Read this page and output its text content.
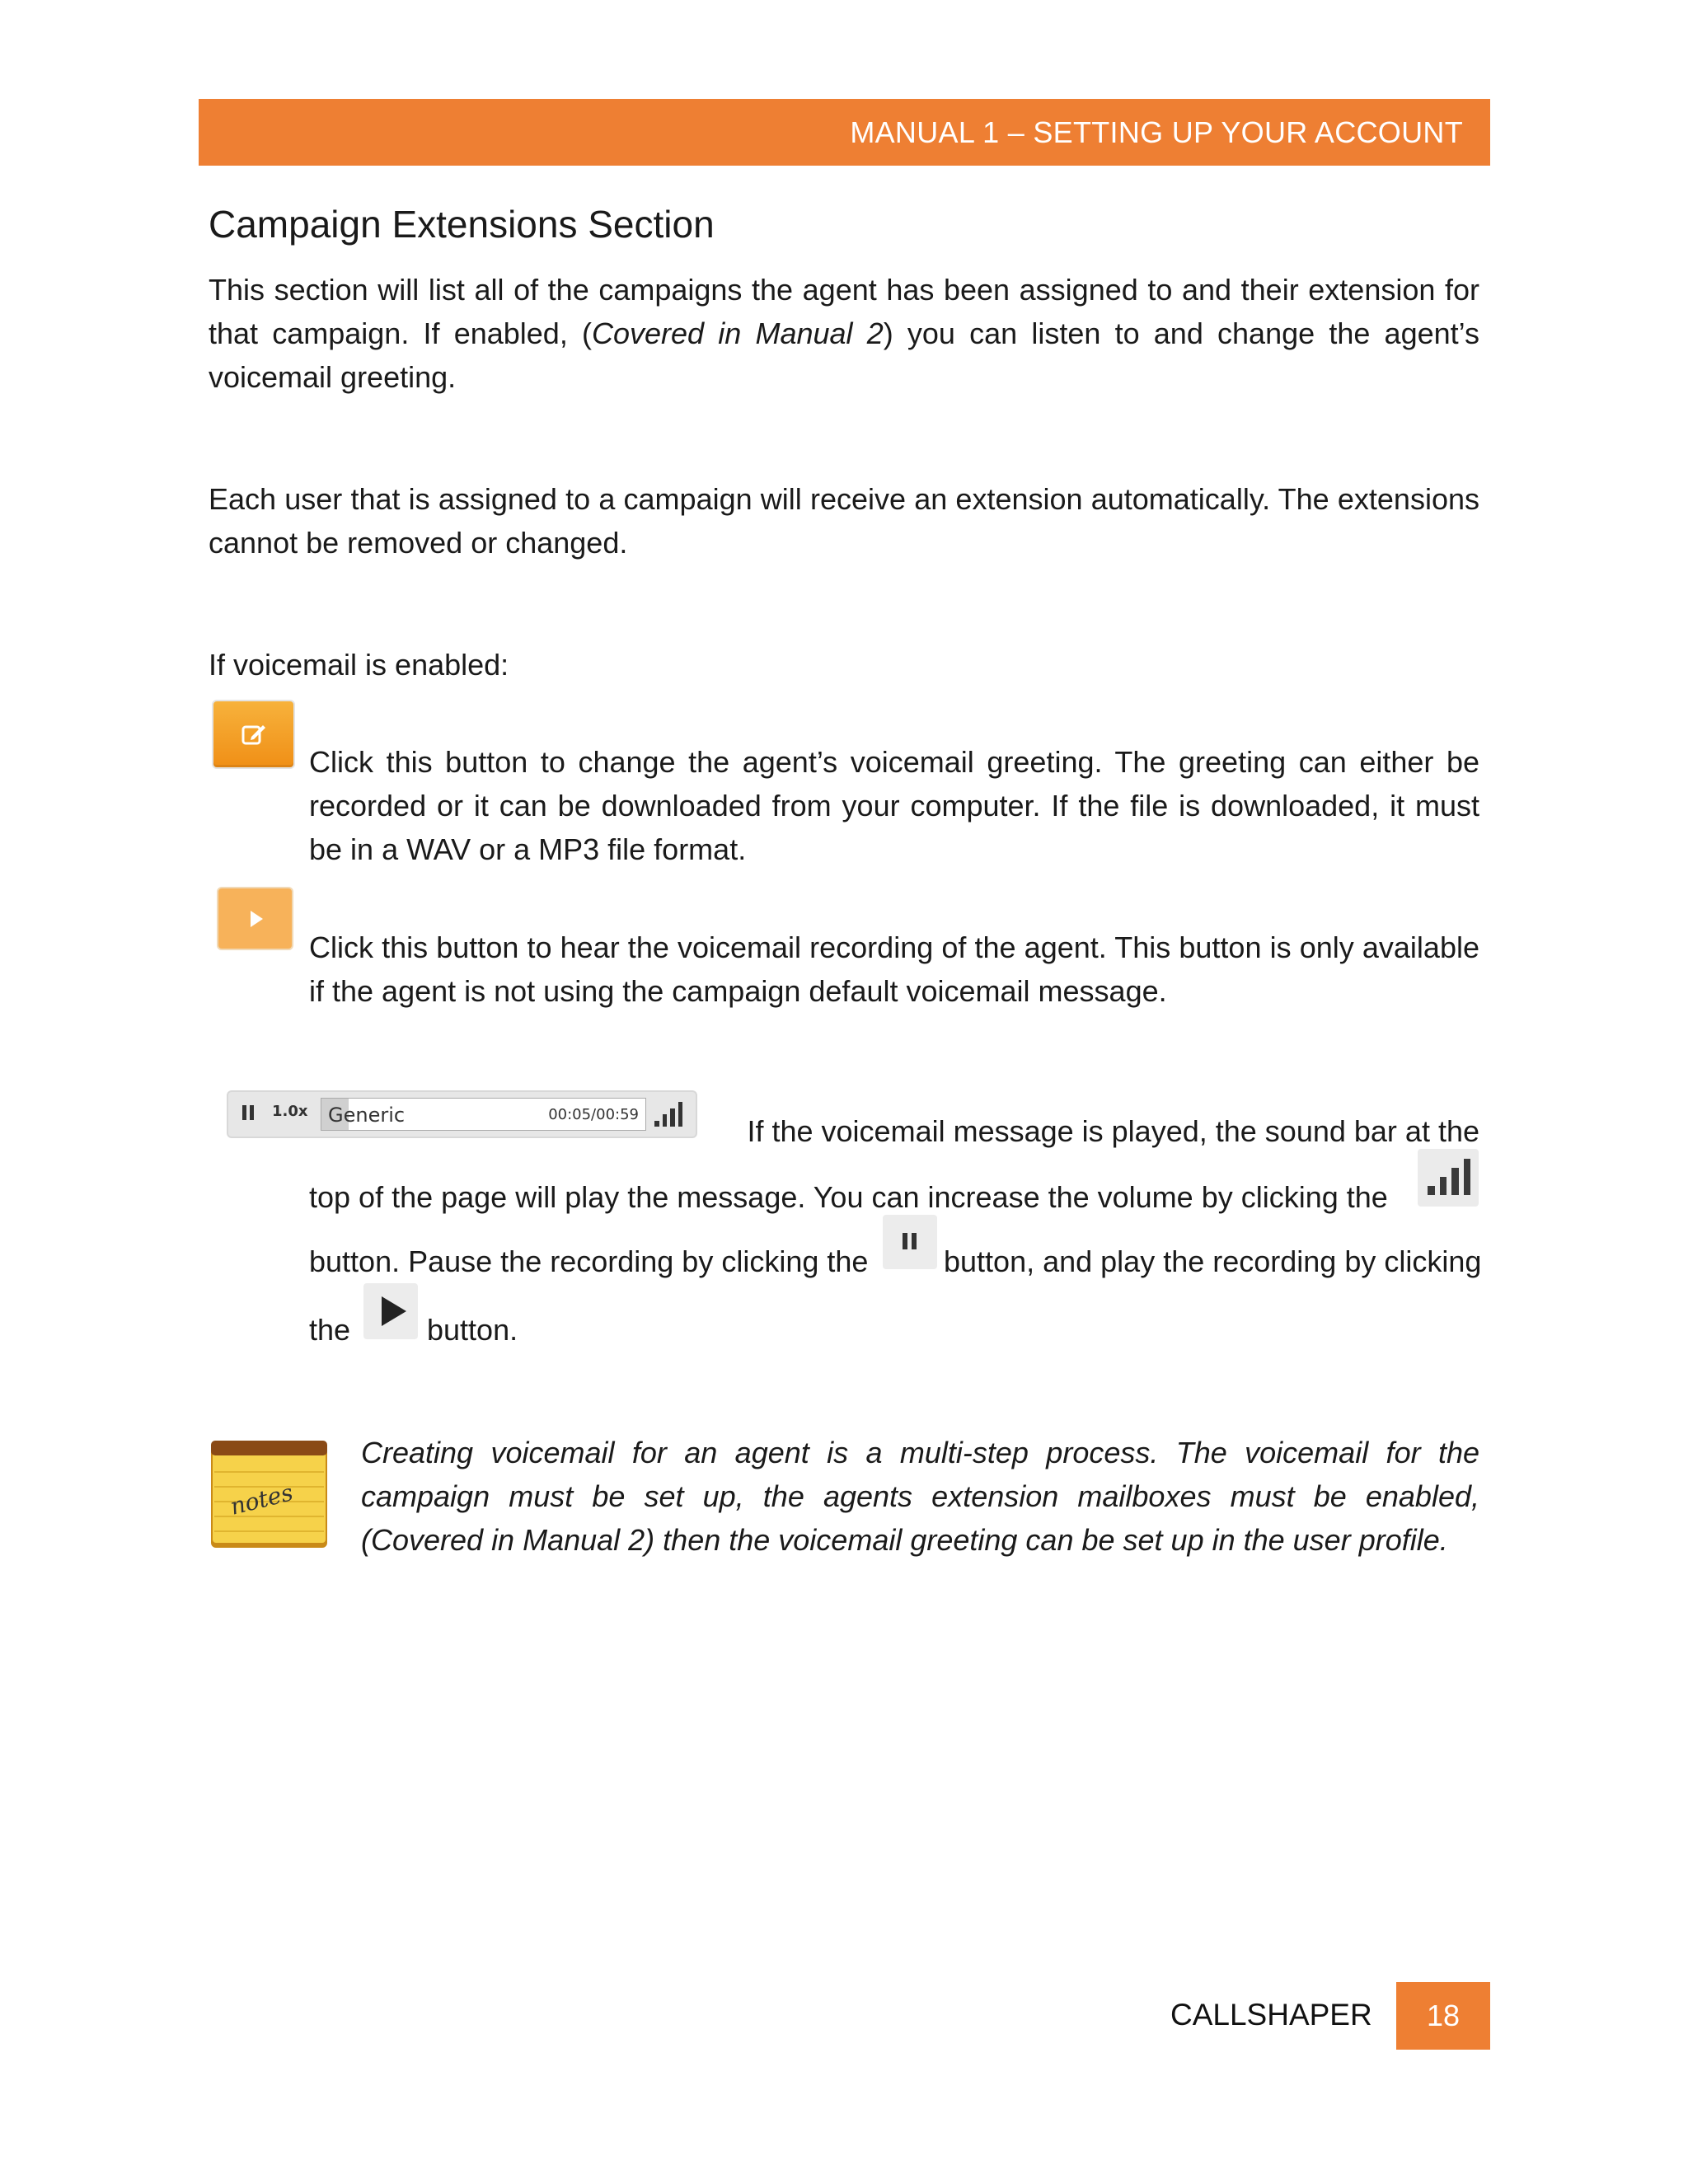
MANUAL 1 – SETTING UP YOUR ACCOUNT
Campaign Extensions Section

This section will list all of the campaigns the agent has been assigned to and their extension for that campaign. If enabled, (Covered in Manual 2) you can listen to and change the agent’s voicemail greeting.

Each user that is assigned to a campaign will receive an extension automatically. The extensions cannot be removed or changed.

If voicemail is enabled:

Click this button to change the agent’s voicemail greeting. The greeting can either be recorded or it can be downloaded from your computer. If the file is downloaded, it must be in a WAV or a MP3 file format.

Click this button to hear the voicemail recording of the agent. This button is only available if the agent is not using the campaign default voicemail message.

1.0x Generic	00:05/00:59	If the voicemail message is played, the sound bar at the

top of the page will play the message. You can increase the volume by clicking the
button. Pause the recording by clicking the	button, and play the recording by clicking
the	button.
notes

Creating voicemail for an agent is a multi-step process. The voicemail for the campaign must be set up, the agents extension mailboxes must be enabled, (Covered in Manual 2) then the voicemail greeting can be set up in the user profile.

CALLSHAPER	18
